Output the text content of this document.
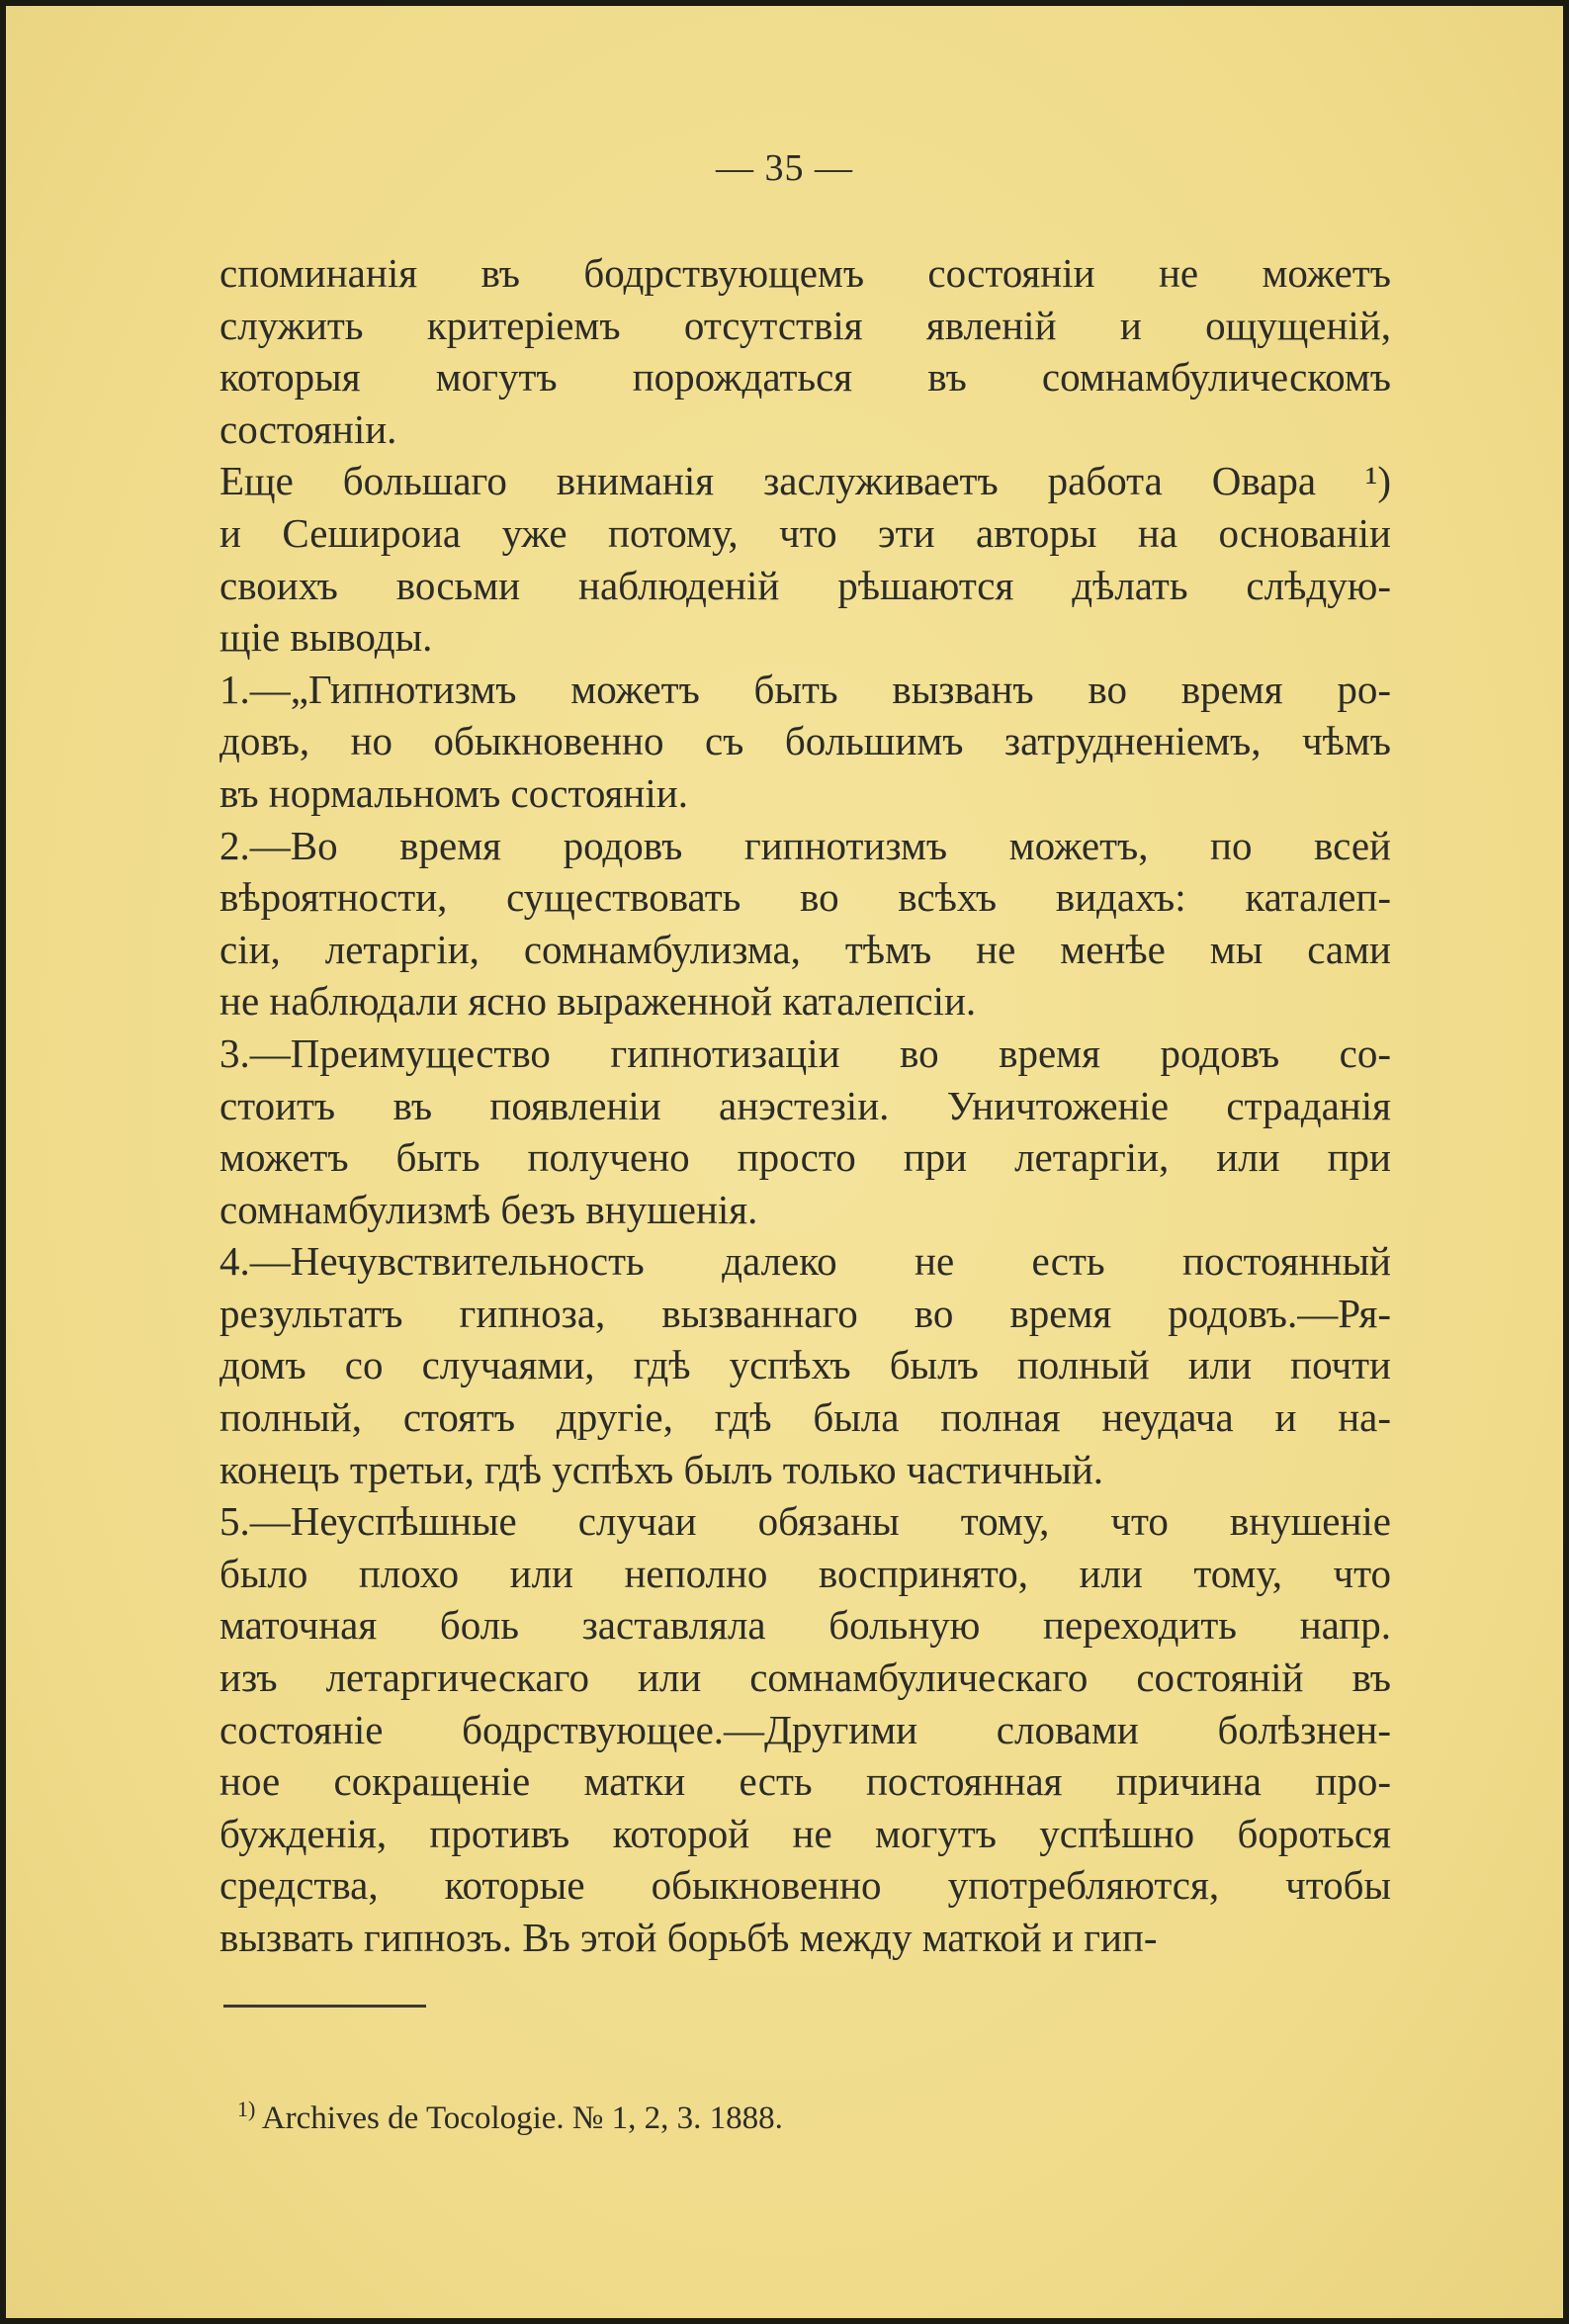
— 35 —
споминанія въ бодрствующемъ состояніи не можетъ
служить критеріемъ отсутствія явленій и ощущеній,
которыя могутъ порождаться въ сомнамбулическомъ
состояніи.
Еще большаго вниманія заслуживаетъ работа Овара ¹)
и Сешироиа уже потому, что эти авторы на основаніи
своихъ восьми наблюденій рѣшаются дѣлать слѣдую-
щіе выводы.
1.—„Гипнотизмъ можетъ быть вызванъ во время ро-
довъ, но обыкновенно съ большимъ затрудненіемъ, чѣмъ
въ нормальномъ состояніи.
2.—Во время родовъ гипнотизмъ можетъ, по всей
вѣроятности, существовать во всѣхъ видахъ: каталеп-
сіи, летаргіи, сомнамбулизма, тѣмъ не менѣе мы сами
не наблюдали ясно выраженной каталепсіи.
3.—Преимущество гипнотизаціи во время родовъ со-
стоитъ въ появленіи анэстезіи. Уничтоженіе страданія
можетъ быть получено просто при летаргіи, или при
сомнамбулизмѣ безъ внушенія.
4.—Нечувствительность далеко не есть постоянный
результатъ гипноза, вызваннаго во время родовъ.—Ря-
домъ со случаями, гдѣ успѣхъ былъ полный или почти
полный, стоятъ другіе, гдѣ была полная неудача и на-
конецъ третьи, гдѣ успѣхъ былъ только частичный.
5.—Неуспѣшные случаи обязаны тому, что внушеніе
было плохо или неполно воспринято, или тому, что
маточная боль заставляла больную переходить напр.
изъ летаргическаго или сомнамбулическаго состояній въ
состояніе бодрствующее.—Другими словами болѣзнен-
ное сокращеніе матки есть постоянная причина про-
бужденія, противъ которой не могутъ успѣшно бороться
средства, которые обыкновенно употребляются, чтобы
вызвать гипнозъ. Въ этой борьбѣ между маткой и гип-
$^{1)}$ Archives de Tocologie. № 1, 2, 3. 1888.
